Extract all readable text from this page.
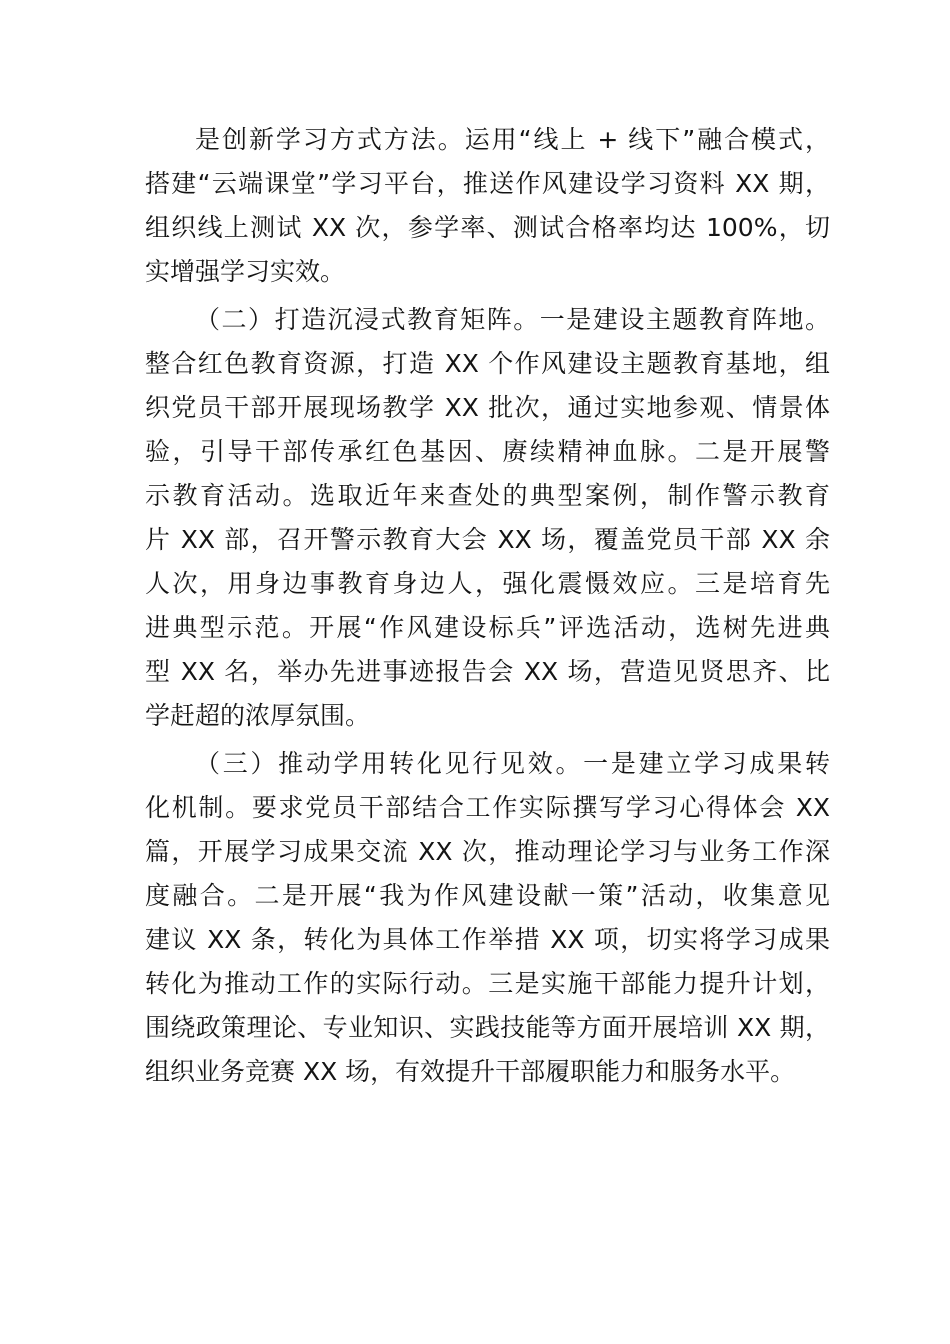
是创新学习方式方法。运用“线上 + 线下”融合模式，
搭建“云端课堂”学习平台，推送作风建设学习资料 XX 期，
组织线上测试 XX 次，参学率、测试合格率均达 100%，切
实增强学习实效。
（二）打造沉浸式教育矩阵。一是建设主题教育阵地。
整合红色教育资源，打造 XX 个作风建设主题教育基地，组
织党员干部开展现场教学 XX 批次，通过实地参观、情景体
验，引导干部传承红色基因、赓续精神血脉。二是开展警
示教育活动。选取近年来查处的典型案例，制作警示教育
片 XX 部，召开警示教育大会 XX 场，覆盖党员干部 XX 余
人次，用身边事教育身边人，强化震慑效应。三是培育先
进典型示范。开展“作风建设标兵”评选活动，选树先进典
型 XX 名，举办先进事迹报告会 XX 场，营造见贤思齐、比
学赶超的浓厚氛围。
（三）推动学用转化见行见效。一是建立学习成果转
化机制。要求党员干部结合工作实际撰写学习心得体会 XX
篇，开展学习成果交流 XX 次，推动理论学习与业务工作深
度融合。二是开展“我为作风建设献一策”活动，收集意见
建议 XX 条，转化为具体工作举措 XX 项，切实将学习成果
转化为推动工作的实际行动。三是实施干部能力提升计划，
围绕政策理论、专业知识、实践技能等方面开展培训 XX 期，
组织业务竞赛 XX 场，有效提升干部履职能力和服务水平。
